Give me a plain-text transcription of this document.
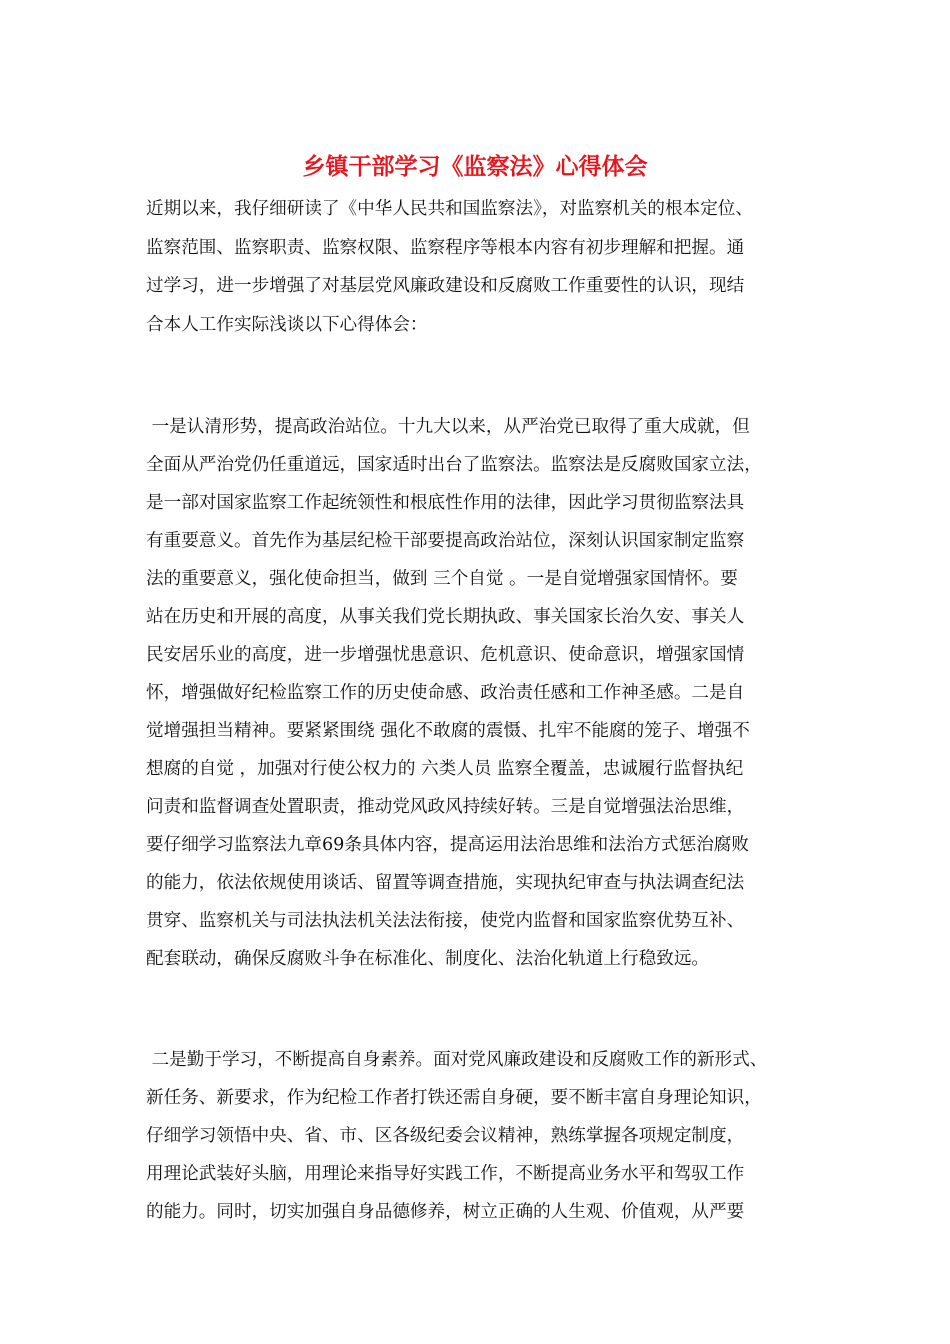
乡镇干部学习《监察法》心得体会
近期以来，我仔细研读了《中华人民共和国监察法》，对监察机关的根本定位、
监察范围、监察职责、监察权限、监察程序等根本内容有初步理解和把握。通
过学习，进一步增强了对基层党风廉政建设和反腐败工作重要性的认识，现结
合本人工作实际浅谈以下心得体会：
一是认清形势，提高政治站位。十九大以来，从严治党已取得了重大成就，但
全面从严治党仍任重道远，国家适时出台了监察法。监察法是反腐败国家立法，
是一部对国家监察工作起统领性和根底性作用的法律，因此学习贯彻监察法具
有重要意义。首先作为基层纪检干部要提高政治站位，深刻认识国家制定监察
法的重要意义，强化使命担当，做到 三个自觉 。一是自觉增强家国情怀。要
站在历史和开展的高度，从事关我们党长期执政、事关国家长治久安、事关人
民安居乐业的高度，进一步增强忧患意识、危机意识、使命意识，增强家国情
怀，增强做好纪检监察工作的历史使命感、政治责任感和工作神圣感。二是自
觉增强担当精神。要紧紧围绕 强化不敢腐的震慑、扎牢不能腐的笼子、增强不
想腐的自觉 ，加强对行使公权力的 六类人员 监察全覆盖，忠诚履行监督执纪
问责和监督调查处置职责，推动党风政风持续好转。三是自觉增强法治思维，
要仔细学习监察法九章69条具体内容，提高运用法治思维和法治方式惩治腐败
的能力，依法依规使用谈话、留置等调查措施，实现执纪审查与执法调查纪法
贯穿、监察机关与司法执法机关法法衔接，使党内监督和国家监察优势互补、
配套联动，确保反腐败斗争在标准化、制度化、法治化轨道上行稳致远。
二是勤于学习，不断提高自身素养。面对党风廉政建设和反腐败工作的新形式、
新任务、新要求，作为纪检工作者打铁还需自身硬，要不断丰富自身理论知识，
仔细学习领悟中央、省、市、区各级纪委会议精神，熟练掌握各项规定制度，
用理论武装好头脑，用理论来指导好实践工作，不断提高业务水平和驾驭工作
的能力。同时，切实加强自身品德修养，树立正确的人生观、价值观，从严要
